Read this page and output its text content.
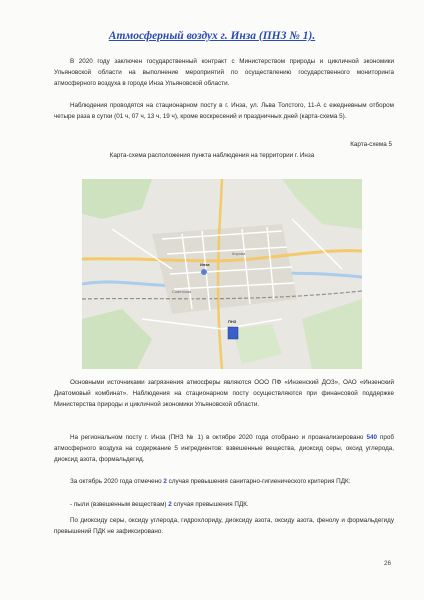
Атмосферный воздух г. Инза (ПНЗ № 1).
В 2020 году заключен государственный контракт с Министерством природы и цикличной экономики Ульяновской области на выполнение мероприятий по осуществлению государственного мониторинга атмосферного воздуха в городе Инза Ульяновской области.
Наблюдения проводятся на стационарном посту в г. Инза, ул. Льва Толстого, 11-А с ежедневным отбором четыре раза в сутки (01 ч, 07 ч, 13 ч, 19 ч), кроме воскресений и праздничных дней (карта-схема 5).
Карта-схема 5
Карта-схема расположения пункта наблюдения на территории г. Инза
Инза
ПНЗ
Кирова
Советская
Основными источниками загрязнения атмосферы являются ООО ПФ «Инзенский ДОЗ», ОАО «Инзенский Диатомовый комбинат». Наблюдения на стационарном посту осуществляются при финансовой поддержке Министерства природы и цикличной экономики Ульяновской области.
На региональном посту г. Инза (ПНЗ № 1) в октябре 2020 года отобрано и проанализировано 540 проб атмосферного воздуха на содержание 5 ингредиентов: взвешенные вещества, диоксид серы, оксид углерода, диоксид азота, формальдегид.
За октябрь 2020 года отмечено 2 случая превышения санитарно-гигиенического критерия ПДК:
- пыли (взвешенным веществам) 2 случая превышения ПДК.
По диоксиду серы, оксиду углерода, гидрохлориду, диоксиду азота, оксиду азота, фенолу и формальдегиду превышений ПДК не зафиксировано.
26
